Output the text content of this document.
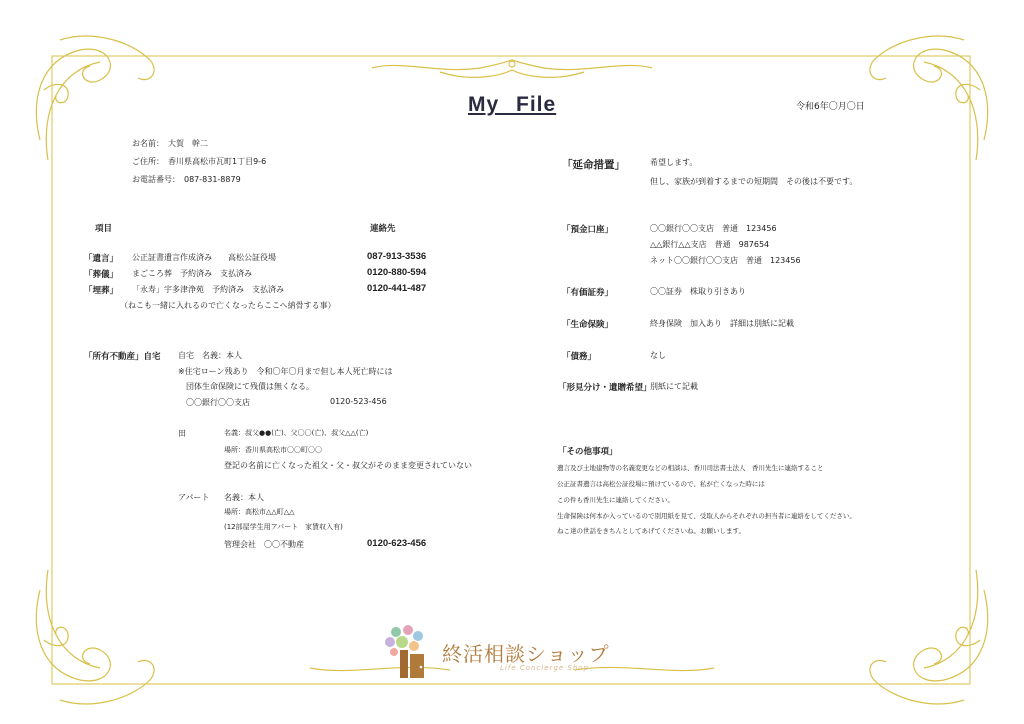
My File	令和6年〇月〇日
お名前：　大賀　幹二
ご住所：　香川県高松市瓦町1丁目9-6
お電話番号：　087-831-8879
項目	連絡先
「遺言」 公正証書遺言作成済み　　高松公証役場	087-913-3536
「葬儀」 まごころ葬　予約済み　支払済み	0120-880-594
「埋葬」 「永寿」宇多津浄苑　予約済み　支払済み	0120-441-487
（ねこも一緒に入れるので亡くなったらここへ納骨する事）
「所有不動産」自宅 自宅　名義：本人
※住宅ローン残あり　令和〇年〇月まで但し本人死亡時には
団体生命保険にて残債は無くなる。
〇〇銀行〇〇支店	0120-523-456
田	名義：叔父●●(亡)、父〇〇(亡)、叔父△△(亡)
場所：香川県高松市〇〇町〇〇
登記の名前に亡くなった祖父・父・叔父がそのまま変更されていない
アパート 名義：本人
場所：高松市△△町△△
(12部屋学生用アパート　家賃収入有)
管理会社　〇〇不動産	0120-623-456
「延命措置」	希望します。
但し、家族が到着するまでの短期間　その後は不要です。
「預金口座」	〇〇銀行〇〇支店　普通　123456
△△銀行△△支店　普通　987654
ネット〇〇銀行〇〇支店　普通　123456
「有価証券」	〇〇証券　株取り引きあり
「生命保険」	終身保険　加入あり　詳細は別紙に記載
「債務」	なし
「形見分け・遺贈希望」
別紙にて記載
「その他事項」
遺言及び土地建物等の名義変更などの相談は、香川司法書士法人　香川先生に連絡すること
公正証書遺言は高松公証役場に預けているので、私が亡くなった時には
この件も香川先生に連絡してください。
生命保険は何本か入っているので別用紙を見て、受取人からそれぞれの担当者に連絡をしてください。
ねこ達の世話をきちんとしてあげてくださいね。お願いします。
終活相談ショップ
Life Concierge Shop
